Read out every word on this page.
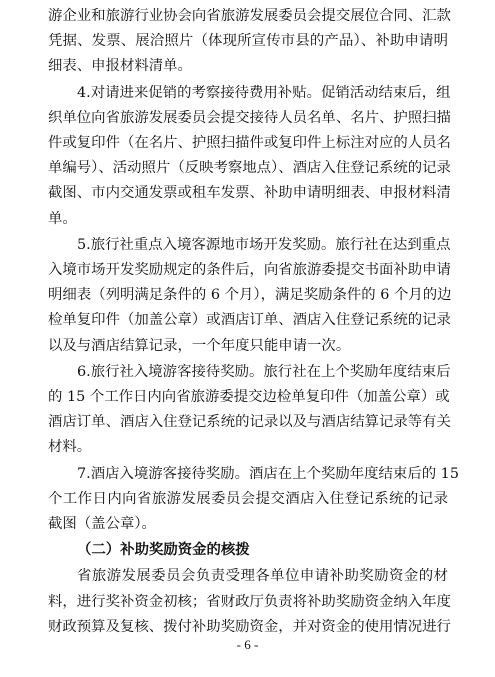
游企业和旅游行业协会向省旅游发展委员会提交展位合同、汇款
凭据、发票、展洽照片（体现所宣传市县的产品）、补助申请明
细表、申报材料清单。
4.对请进来促销的考察接待费用补贴。促销活动结束后，组
织单位向省旅游发展委员会提交接待人员名单、名片、护照扫描
件或复印件（在名片、护照扫描件或复印件上标注对应的人员名
单编号）、活动照片（反映考察地点）、酒店入住登记系统的记录
截图、市内交通发票或租车发票、补助申请明细表、申报材料清
单。
5.旅行社重点入境客源地市场开发奖励。旅行社在达到重点
入境市场开发奖励规定的条件后，向省旅游委提交书面补助申请
明细表（列明满足条件的 6 个月），满足奖励条件的 6 个月的边
检单复印件（加盖公章）或酒店订单、酒店入住登记系统的记录
以及与酒店结算记录，一个年度只能申请一次。
6.旅行社入境游客接待奖励。旅行社在上个奖励年度结束后
的 15 个工作日内向省旅游委提交边检单复印件（加盖公章）或
酒店订单、酒店入住登记系统的记录以及与酒店结算记录等有关
材料。
7.酒店入境游客接待奖励。酒店在上个奖励年度结束后的 15
个工作日内向省旅游发展委员会提交酒店入住登记系统的记录
截图（盖公章）。
（二）补助奖励资金的核拨
省旅游发展委员会负责受理各单位申请补助奖励资金的材
料，进行奖补资金初核；省财政厅负责将补助奖励资金纳入年度
财政预算及复核、拨付补助奖励资金，并对资金的使用情况进行
- 6 -
